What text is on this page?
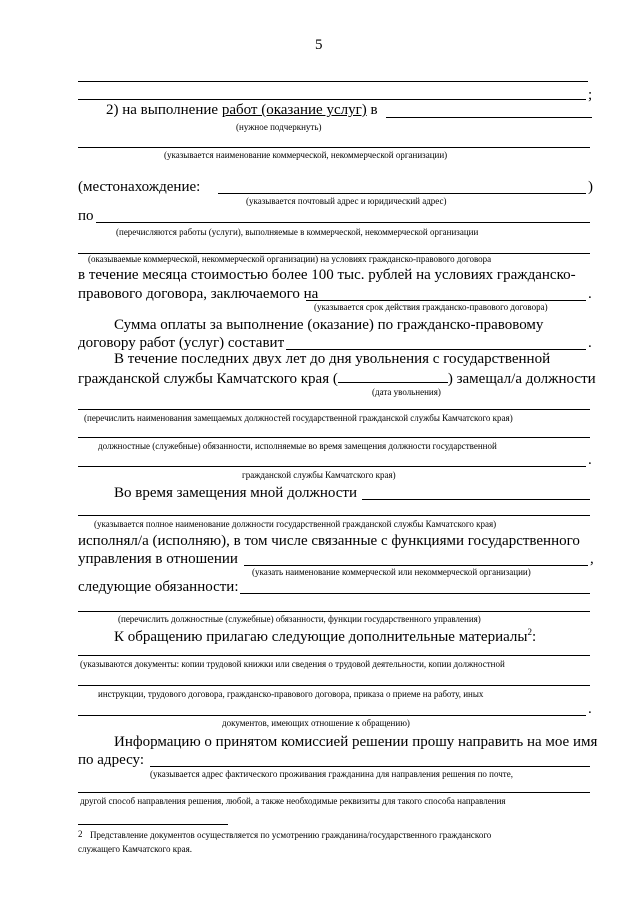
5
;
2) на выполнение работ (оказание услуг) в
(нужное подчеркнуть)
(указывается наименование коммерческой, некоммерческой организации)
(местонахождение:	)
(указывается почтовый адрес и юридический адрес)
по
(перечисляются работы (услуги), выполняемые в коммерческой, некоммерческой организации
(оказываемые коммерческой, некоммерческой организации) на условиях гражданско-правового договора
в течение месяца стоимостью более 100 тыс. рублей на условиях гражданско-
правового договора, заключаемого на	.
(указывается срок действия гражданско-правового договора)
Сумма оплаты за выполнение (оказание) по гражданско-правовому
договору работ (услуг) составит	.
В течение последних двух лет до дня увольнения с государственной
гражданской службы Камчатского края (	) замещал/а должности
(дата увольнения)
(перечислить наименования замещаемых должностей государственной гражданской службы Камчатского края)
должностные (служебные) обязанности, исполняемые во время замещения должности государственной
.
гражданской службы Камчатского края)
Во время замещения мной должности
(указывается полное наименование должности государственной гражданской службы Камчатского края)
исполнял/а (исполняю), в том числе связанные с функциями государственного
управления в отношении	,
(указать наименование коммерческой или некоммерческой организации)
следующие обязанности:
(перечислить должностные (служебные) обязанности, функции государственного управления)
К обращению прилагаю следующие дополнительные материалы$^2$:
(указываются документы: копии трудовой книжки или сведения о трудовой деятельности, копии должностной
инструкции, трудового договора, гражданско-правового договора, приказа о приеме на работу, иных
.
документов, имеющих отношение к обращению)
Информацию о принятом комиссией решении прошу направить на мое имя
по адресу:
(указывается адрес фактического проживания гражданина для направления решения по почте,
другой способ направления решения, любой, а также необходимые реквизиты для такого способа направления
2 Представление документов осуществляется по усмотрению гражданина/государственного гражданского
служащего Камчатского края.
